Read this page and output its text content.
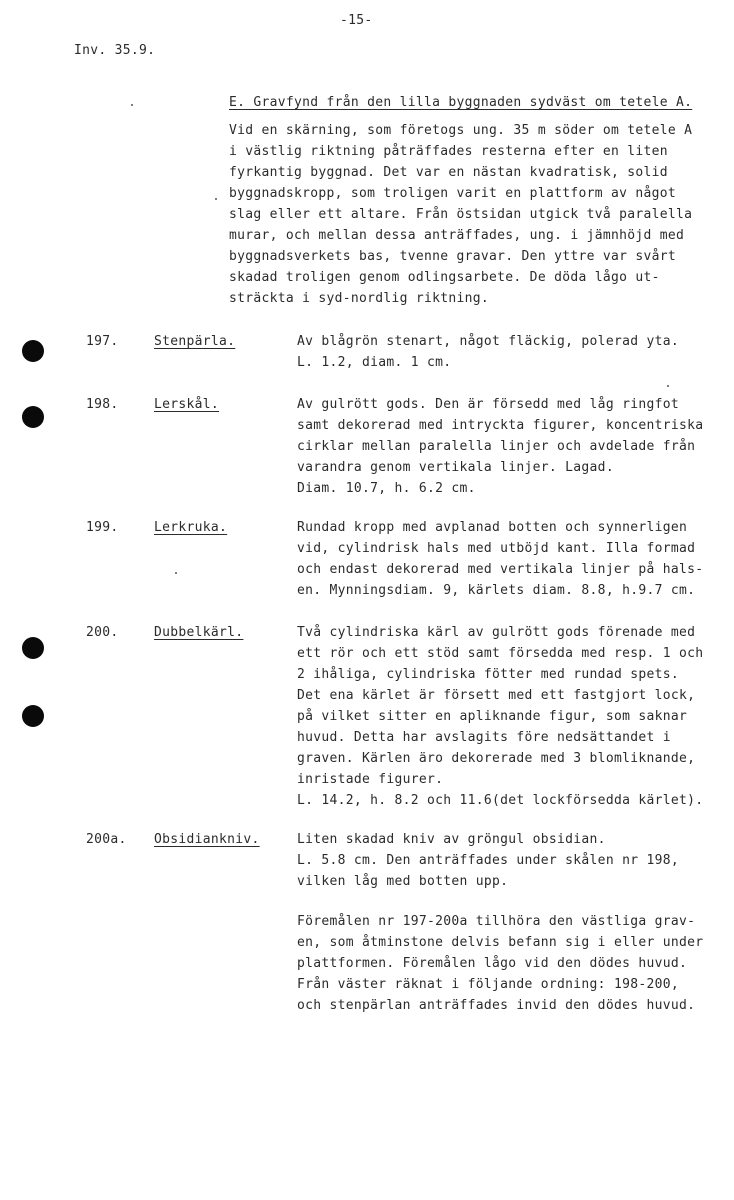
-15-
Inv. 35.9.
E. Gravfynd från den lilla byggnaden sydväst om tetele A.
Vid en skärning, som företogs ung. 35 m söder om tetele A
i västlig riktning påträffades resterna efter en liten
fyrkantig byggnad. Det var en nästan kvadratisk, solid
byggnadskropp, som troligen varit en plattform av något
slag eller ett altare. Från östsidan utgick två paralella
murar, och mellan dessa anträffades, ung. i jämnhöjd med
byggnadsverkets bas, tvenne gravar. Den yttre var svårt
skadad troligen genom odlingsarbete. De döda lågo ut-
sträckta i syd-nordlig riktning.
197.	Stenpärla.	Av blågrön stenart, något fläckig, polerad yta.
L. 1.2, diam. 1 cm.
198.	Lerskål.	Av gulrött gods. Den är försedd med låg ringfot
samt dekorerad med intryckta figurer, koncentriska
cirklar mellan paralella linjer och avdelade från
varandra genom vertikala linjer. Lagad.
Diam. 10.7, h. 6.2 cm.
199.	Lerkruka.	Rundad kropp med avplanad botten och synnerligen
vid, cylindrisk hals med utböjd kant. Illa formad
och endast dekorerad med vertikala linjer på hals-
en. Mynningsdiam. 9, kärlets diam. 8.8, h.9.7 cm.
200.	Dubbelkärl.	Två cylindriska kärl av gulrött gods förenade med
ett rör och ett stöd samt försedda med resp. 1 och
2 ihåliga, cylindriska fötter med rundad spets.
Det ena kärlet är försett med ett fastgjort lock,
på vilket sitter en apliknande figur, som saknar
huvud. Detta har avslagits före nedsättandet i
graven. Kärlen äro dekorerade med 3 blomliknande,
inristade figurer.
L. 14.2, h. 8.2 och 11.6(det lockförsedda kärlet).
200a. Obsidiankniv.	Liten skadad kniv av gröngul obsidian.
L. 5.8 cm. Den anträffades under skålen nr 198,
vilken låg med botten upp.
Föremålen nr 197-200a tillhöra den västliga grav-
en, som åtminstone delvis befann sig i eller under
plattformen. Föremålen lågo vid den dödes huvud.
Från väster räknat i följande ordning: 198-200,
och stenpärlan anträffades invid den dödes huvud.
